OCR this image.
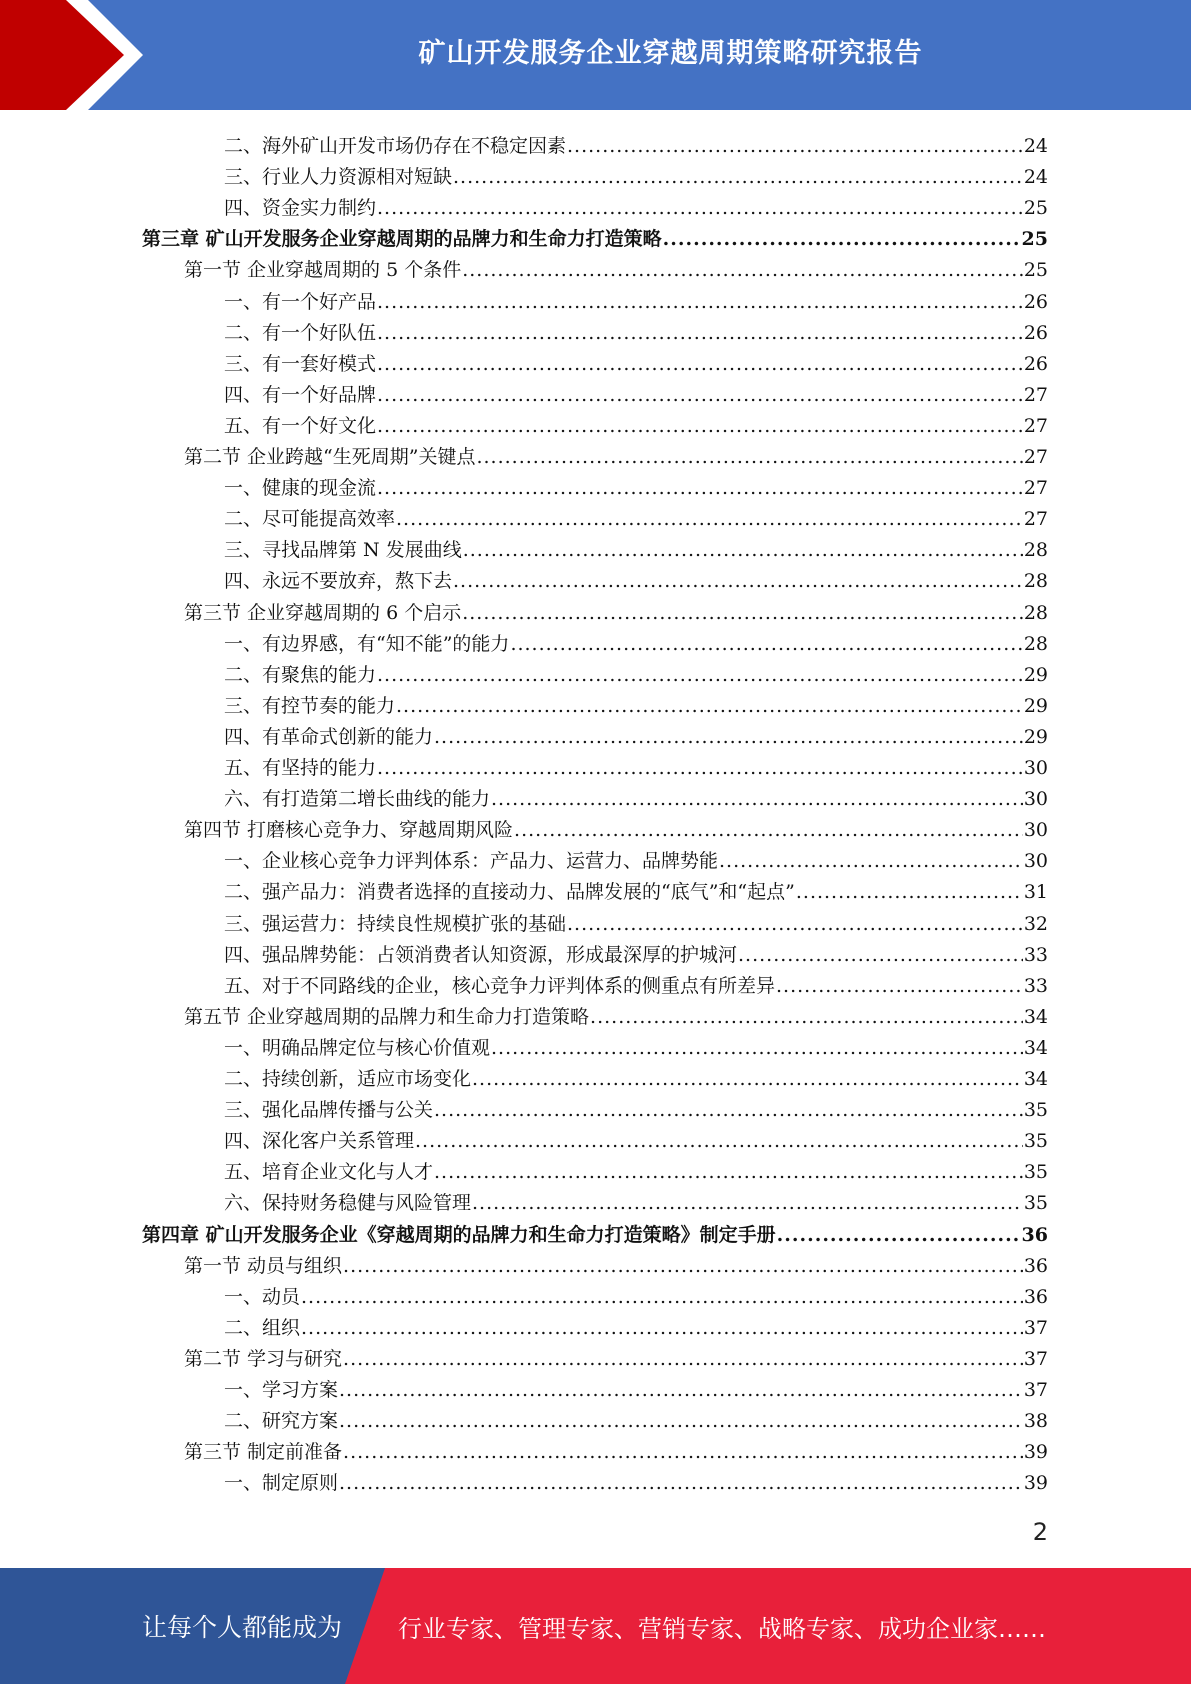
矿山开发服务企业穿越周期策略研究报告
二、海外矿山开发市场仍存在不稳定因素 .....	24
三、行业人力资源相对短缺 .....	24
四、资金实力制约 .....	25
第三章 矿山开发服务企业穿越周期的品牌力和生命力打造策略 .....	25
第一节 企业穿越周期的 5 个条件 .....	25
一、有一个好产品 .....	26
二、有一个好队伍 .....	26
三、有一套好模式 .....	26
四、有一个好品牌 .....	27
五、有一个好文化 .....	27
第二节 企业跨越“生死周期”关键点 .....	27
一、健康的现金流 .....	27
二、尽可能提高效率 .....	27
三、寻找品牌第 N 发展曲线 .....	28
四、永远不要放弃，熬下去 .....	28
第三节 企业穿越周期的 6 个启示 .....	28
一、有边界感，有“知不能”的能力 .....	28
二、有聚焦的能力 .....	29
三、有控节奏的能力 .....	29
四、有革命式创新的能力 .....	29
五、有坚持的能力 .....	30
六、有打造第二增长曲线的能力 .....	30
第四节 打磨核心竞争力、穿越周期风险 .....	30
一、企业核心竞争力评判体系：产品力、运营力、品牌势能 .....	30
二、强产品力：消费者选择的直接动力、品牌发展的“底气”和“起点” .....	31
三、强运营力：持续良性规模扩张的基础 .....	32
四、强品牌势能：占领消费者认知资源，形成最深厚的护城河 .....	33
五、对于不同路线的企业，核心竞争力评判体系的侧重点有所差异 .....	33
第五节 企业穿越周期的品牌力和生命力打造策略 .....	34
一、明确品牌定位与核心价值观 .....	34
二、持续创新，适应市场变化 .....	34
三、强化品牌传播与公关 .....	35
四、深化客户关系管理 .....	35
五、培育企业文化与人才 .....	35
六、保持财务稳健与风险管理 .....	35
第四章 矿山开发服务企业《穿越周期的品牌力和生命力打造策略》制定手册 .....	36
第一节 动员与组织 .....	36
一、动员 .....	36
二、组织 .....	37
第二节 学习与研究 .....	37
一、学习方案 .....	37
二、研究方案 .....	38
第三节 制定前准备 .....	39
一、制定原则 .....	39
2
让每个人都能成为 行业专家、管理专家、营销专家、战略专家、成功企业家……
